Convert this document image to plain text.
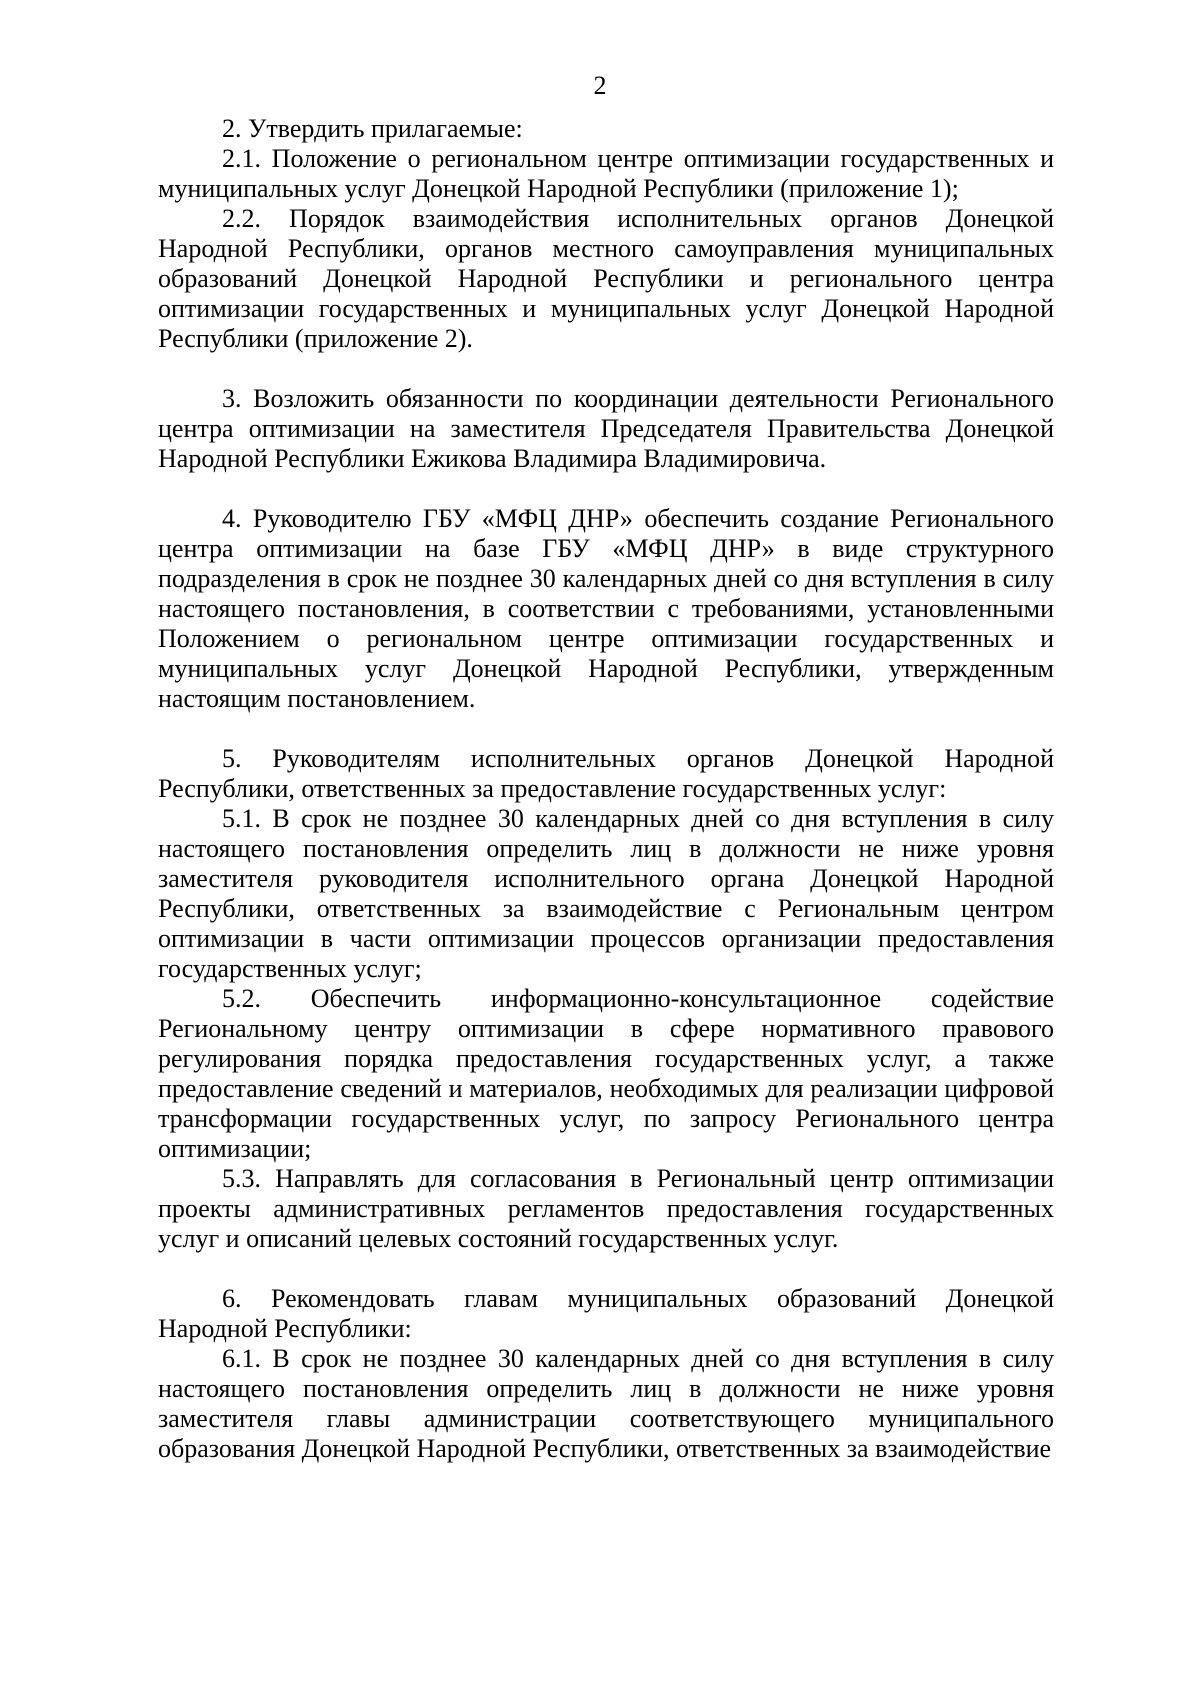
2

2. Утвердить прилагаемые:

2.1. Положение о региональном центре оптимизации государственных и муниципальных услуг Донецкой Народной Республики (приложение 1);

2.2. Порядок взаимодействия исполнительных органов Донецкой Народной Республики, органов местного самоуправления муниципальных образований Донецкой Народной Республики и регионального центра оптимизации государственных и муниципальных услуг Донецкой Народной Республики (приложение 2).

3. Возложить обязанности по координации деятельности Регионального центра оптимизации на заместителя Председателя Правительства Донецкой Народной Республики Ежикова Владимира Владимировича.

4. Руководителю ГБУ «МФЦ ДНР» обеспечить создание Регионального центра оптимизации на базе ГБУ «МФЦ ДНР» в виде структурного подразделения в срок не позднее 30 календарных дней со дня вступления в силу настоящего постановления, в соответствии с требованиями, установленными Положением о региональном центре оптимизации государственных и муниципальных услуг Донецкой Народной Республики, утвержденным настоящим постановлением.

5. Руководителям исполнительных органов Донецкой Народной Республики, ответственных за предоставление государственных услуг:

5.1. В срок не позднее 30 календарных дней со дня вступления в силу настоящего постановления определить лиц в должности не ниже уровня заместителя руководителя исполнительного органа Донецкой Народной Республики, ответственных за взаимодействие с Региональным центром оптимизации в части оптимизации процессов организации предоставления государственных услуг;

5.2. Обеспечить информационно-консультационное содействие Региональному центру оптимизации в сфере нормативного правового регулирования порядка предоставления государственных услуг, а также предоставление сведений и материалов, необходимых для реализации цифровой трансформации государственных услуг, по запросу Регионального центра оптимизации;

5.3. Направлять для согласования в Региональный центр оптимизации проекты административных регламентов предоставления государственных услуг и описаний целевых состояний государственных услуг.

6. Рекомендовать главам муниципальных образований Донецкой Народной Республики:

6.1. В срок не позднее 30 календарных дней со дня вступления в силу настоящего постановления определить лиц в должности не ниже уровня заместителя главы администрации соответствующего муниципального образования Донецкой Народной Республики, ответственных за взаимодействие
